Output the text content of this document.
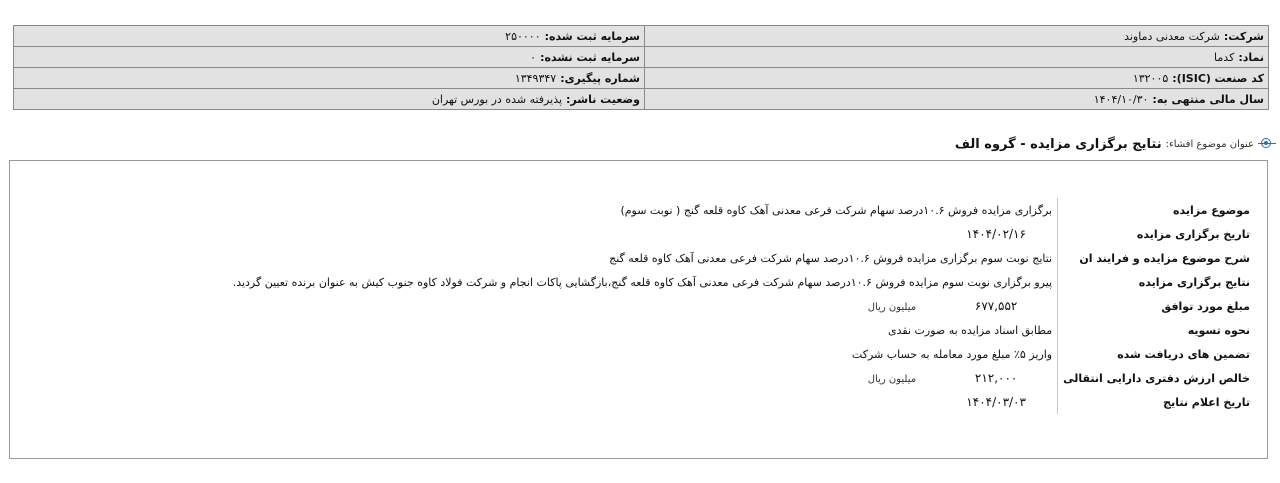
شرکت:شرکت معدنی دماوند	سرمایه ثبت شده:۲۵۰۰۰۰
نماد:کدما	سرمایه ثبت نشده:۰
کد صنعت (ISIC):۱۳۲۰۰۵	شماره پیگیری:۱۳۴۹۳۴۷
سال مالی منتهی به:۱۴۰۴/۱۰/۳۰	وضعیت ناشر:پذیرفته شده در بورس تهران
عنوان موضوع افشاء:
نتایج برگزاری مزایده - گروه الف
موضوع مزایده	برگزاری مزایده فروش ۱۰.۶درصد سهام شرکت فرعی معدنی آهک کاوه قلعه گنج ( نوبت سوم)
تاریخ برگزاری مزایده	۱۴۰۴/۰۲/۱۶
شرح موضوع مزایده و فرایند ان	نتایج نوبت سوم برگزاری مزایده فروش ۱۰.۶درصد سهام شرکت فرعی معدنی آهک کاوه قلعه گنج
نتایج برگزاری مزایده	پیرو برگزاری نوبت سوم مزایده فروش ۱۰.۶درصد سهام شرکت فرعی معدنی آهک کاوه قلعه گنج،بازگشایی پاکات انجام و شرکت فولاد کاوه جنوب کیش به عنوان برنده تعیین گردید.
مبلغ مورد توافق	۶۷۷,۵۵۲میلیون ریال
نحوه تسویه	مطابق اسناد مزایده به صورت نقدی
تضمین های دریافت شده	واریز ۵٪ مبلغ مورد معامله به حساب شرکت
خالص ارزش دفتری دارایی انتقالی	۲۱۲,۰۰۰میلیون ریال
تاریخ اعلام نتایج	۱۴۰۴/۰۳/۰۳
